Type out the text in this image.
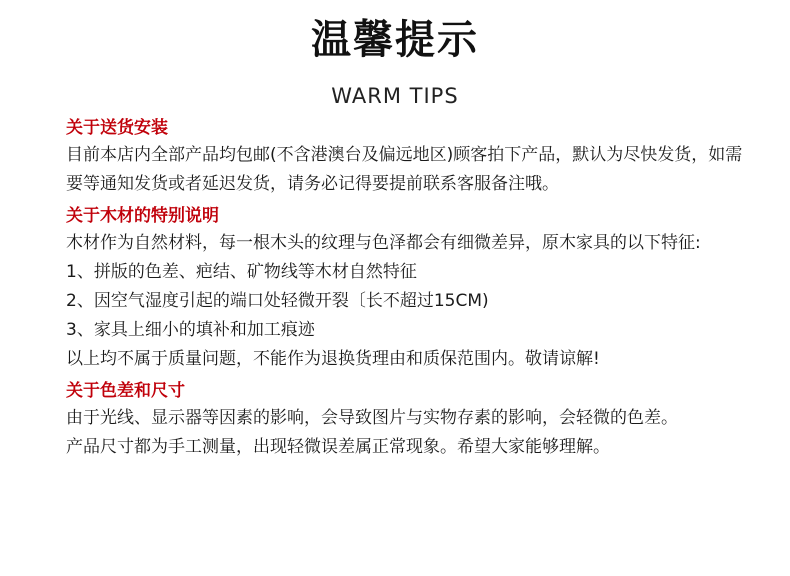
温馨提示
WARM TIPS
关于送货安装

目前本店内全部产品均包邮(不含港澳台及偏远地区)顾客拍下产品，默认为尽快发货，如需要等通知发货或者延迟发货，请务必记得要提前联系客服备注哦。

关于木材的特别说明

木材作为自然材料，每一根木头的纹理与色泽都会有细微差异，原木家具的以下特征:

1、拼版的色差、疤结、矿物线等木材自然特征

2、因空气湿度引起的端口处轻微开裂〔长不超过15CM)

3、家具上细小的填补和加工痕迹

以上均不属于质量问题，不能作为退换货理由和质保范围内。敬请谅解!

关于色差和尺寸

由于光线、显示器等因素的影响，会导致图片与实物存素的影响，会轻微的色差。

产品尺寸都为手工测量，出现轻微误差属正常现象。希望大家能够理解。
